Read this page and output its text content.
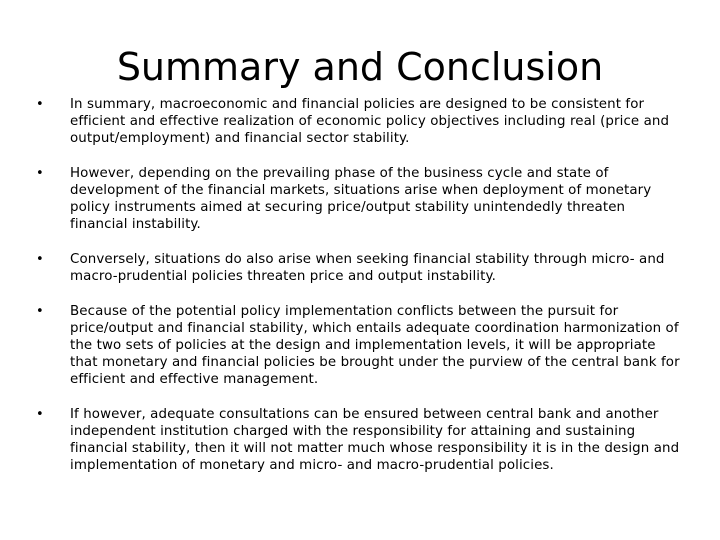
Summary and Conclusion
• In summary, macroeconomic and financial policies are designed to be consistent for efficient and effective realization of economic policy objectives including real (price and output/employment) and financial sector stability.
• However, depending on the prevailing phase of the business cycle and state of development of the financial markets, situations arise when deployment of monetary policy instruments aimed at securing price/output stability unintendedly threaten financial instability.
• Conversely, situations do also arise when seeking financial stability through micro- and macro-prudential policies threaten price and output instability.
• Because of the potential policy implementation conflicts between the pursuit for price/output and financial stability, which entails adequate coordination harmonization of the two sets of policies at the design and implementation levels, it will be appropriate that monetary and financial policies be brought under the purview of the central bank for efficient and effective management.
• If however, adequate consultations can be ensured between central bank and another independent institution charged with the responsibility for attaining and sustaining financial stability, then it will not matter much whose responsibility it is in the design and implementation of monetary and micro- and macro-prudential policies.
